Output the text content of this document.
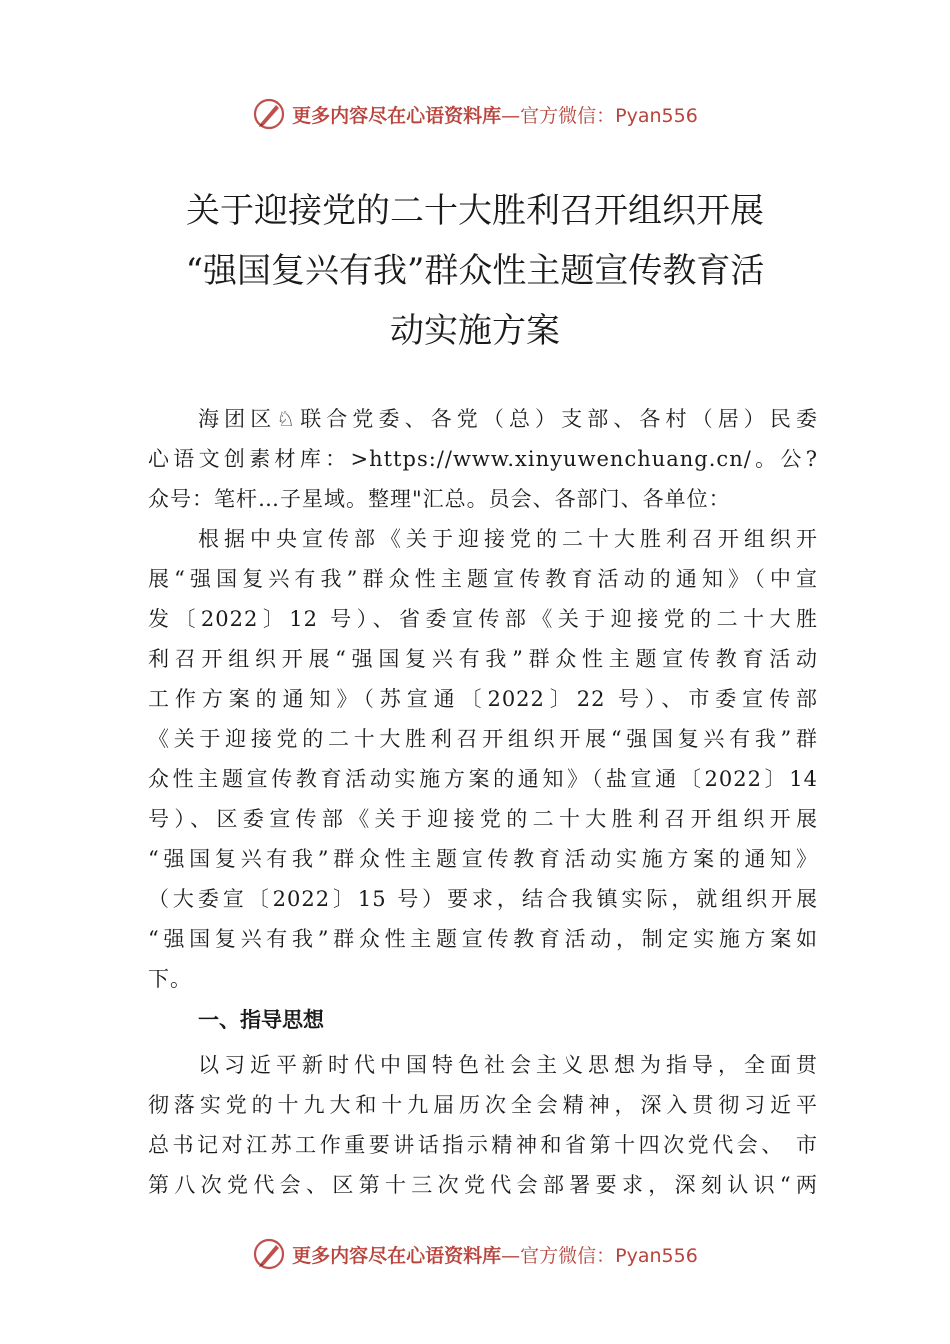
更多内容尽在心语资料库 —官方微信：Pyan556
关于迎接党的二十大胜利召开组织开展
“强国复兴有我”群众性主题宣传教育活
动实施方案
海团区♘联合党委、各党（总）支部、各村（居）民委
心语文创素材库：>https://www.xinyuwenchuang.cn/。公?
众号：笔杆…子星域。整理"汇总。员会、各部门、各单位：
根据中央宣传部《关于迎接党的二十大胜利召开组织开
展“强国复兴有我”群众性主题宣传教育活动的通知》（中宣
发〔2022〕12 号）、省委宣传部《关于迎接党的二十大胜
利召开组织开展“强国复兴有我”群众性主题宣传教育活动
工作方案的通知》（苏宣通〔2022〕22 号）、市委宣传部
《关于迎接党的二十大胜利召开组织开展“强国复兴有我”群
众性主题宣传教育活动实施方案的通知》（盐宣通〔2022〕14
号）、区委宣传部《关于迎接党的二十大胜利召开组织开展
“强国复兴有我”群众性主题宣传教育活动实施方案的通知》
（大委宣〔2022〕15 号）要求，结合我镇实际，就组织开展
“强国复兴有我”群众性主题宣传教育活动，制定实施方案如
下。
一、指导思想
以习近平新时代中国特色社会主义思想为指导，全面贯
彻落实党的十九大和十九届历次全会精神，深入贯彻习近平
总书记对江苏工作重要讲话指示精神和省第十四次党代会、 市
第八次党代会、区第十三次党代会部署要求，深刻认识“两
更多内容尽在心语资料库 —官方微信：Pyan556
